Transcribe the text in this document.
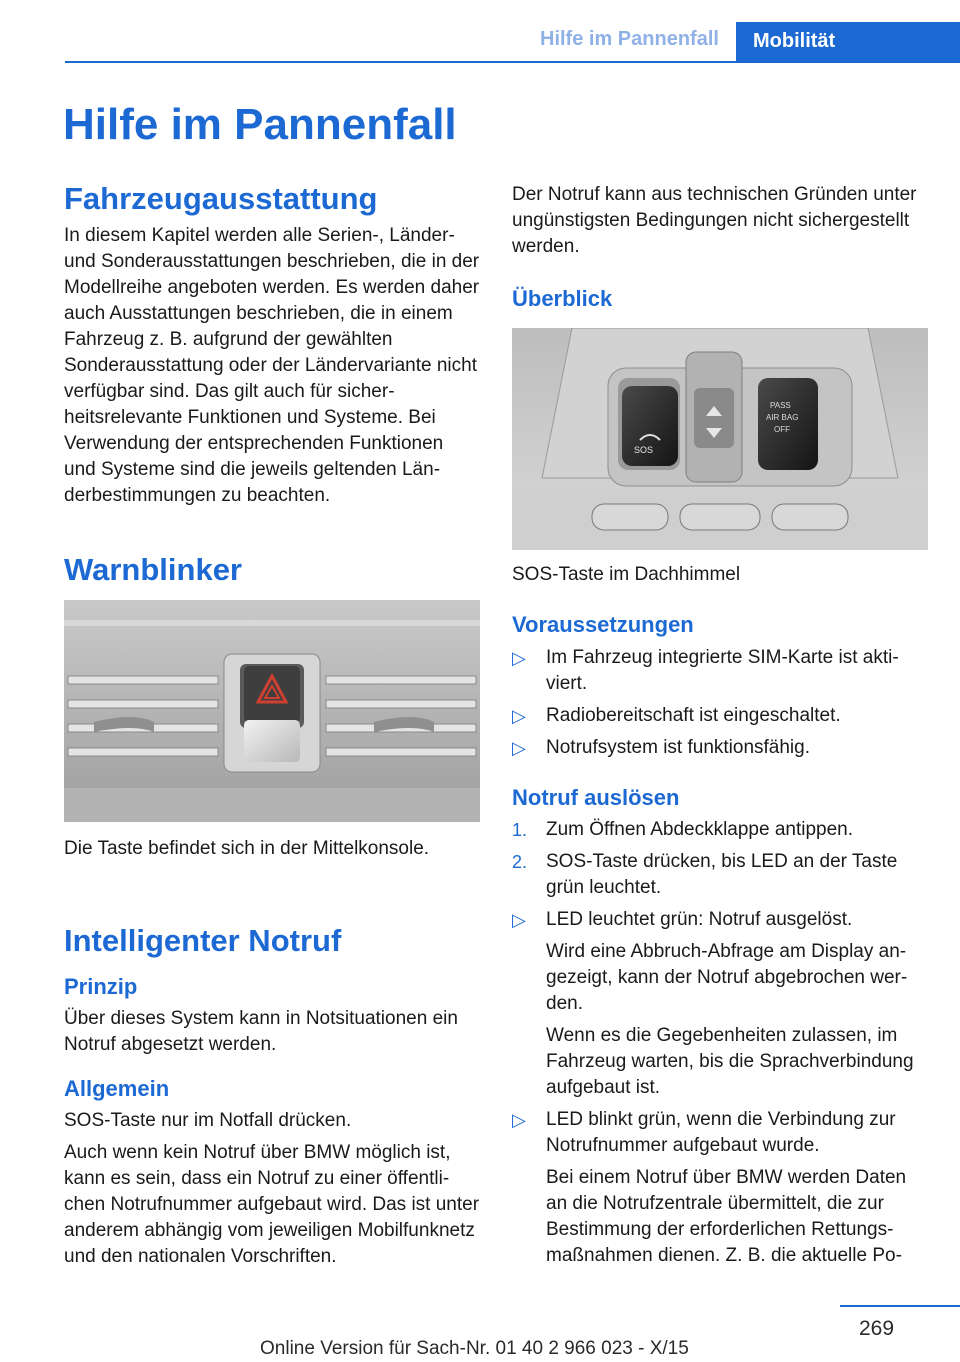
Hilfe im Pannenfall	Mobilität
Hilfe im Pannenfall
Fahrzeugausstattung

In diesem Kapitel werden alle Serien-, Länder- und Sonderausstattungen beschrieben, die in der Modellreihe angeboten werden. Es werden daher auch Ausstattungen beschrieben, die in einem Fahrzeug z. B. aufgrund der gewählten Sonderausstattung oder der Ländervariante nicht verfügbar sind. Das gilt auch für sicherheitsrelevante Funktionen und Systeme. Bei Verwendung der entsprechenden Funktionen und Systeme sind die jeweils geltenden Länderbestimmungen zu beachten.

Warnblinker

Die Taste befindet sich in der Mittelkonsole.

Intelligenter Notruf
Prinzip

Über dieses System kann in Notsituationen ein Notruf abgesetzt werden.

Allgemein

SOS-Taste nur im Notfall drücken.

Auch wenn kein Notruf über BMW möglich ist, kann es sein, dass ein Notruf zu einer öffentlichen Notrufnummer aufgebaut wird. Das ist unter anderem abhängig vom jeweiligen Mobilfunknetz und den nationalen Vorschriften.

Der Notruf kann aus technischen Gründen unter ungünstigsten Bedingungen nicht sichergestellt werden.

Überblick
SOS
PASS
AIR BAG
OFF

SOS-Taste im Dachhimmel

Voraussetzungen
▷ Im Fahrzeug integrierte SIM-Karte ist aktiviert.
▷ Radiobereitschaft ist eingeschaltet.
▷ Notrufsystem ist funktionsfähig.
Notruf auslösen
1. Zum Öffnen Abdeckklappe antippen.
2. SOS-Taste drücken, bis LED an der Taste grün leuchtet.
▷ LED leuchtet grün: Notruf ausgelöst.

Wird eine Abbruch-Abfrage am Display angezeigt, kann der Notruf abgebrochen werden.

Wenn es die Gegebenheiten zulassen, im Fahrzeug warten, bis die Sprachverbindung aufgebaut ist.

▷ LED blinkt grün, wenn die Verbindung zur Notrufnummer aufgebaut wurde.

Bei einem Notruf über BMW werden Daten an die Notrufzentrale übermittelt, die zur Bestimmung der erforderlichen Rettungsmaßnahmen dienen. Z. B. die aktuelle Po‐

269
Online Version für Sach-Nr. 01 40 2 966 023 - X/15
